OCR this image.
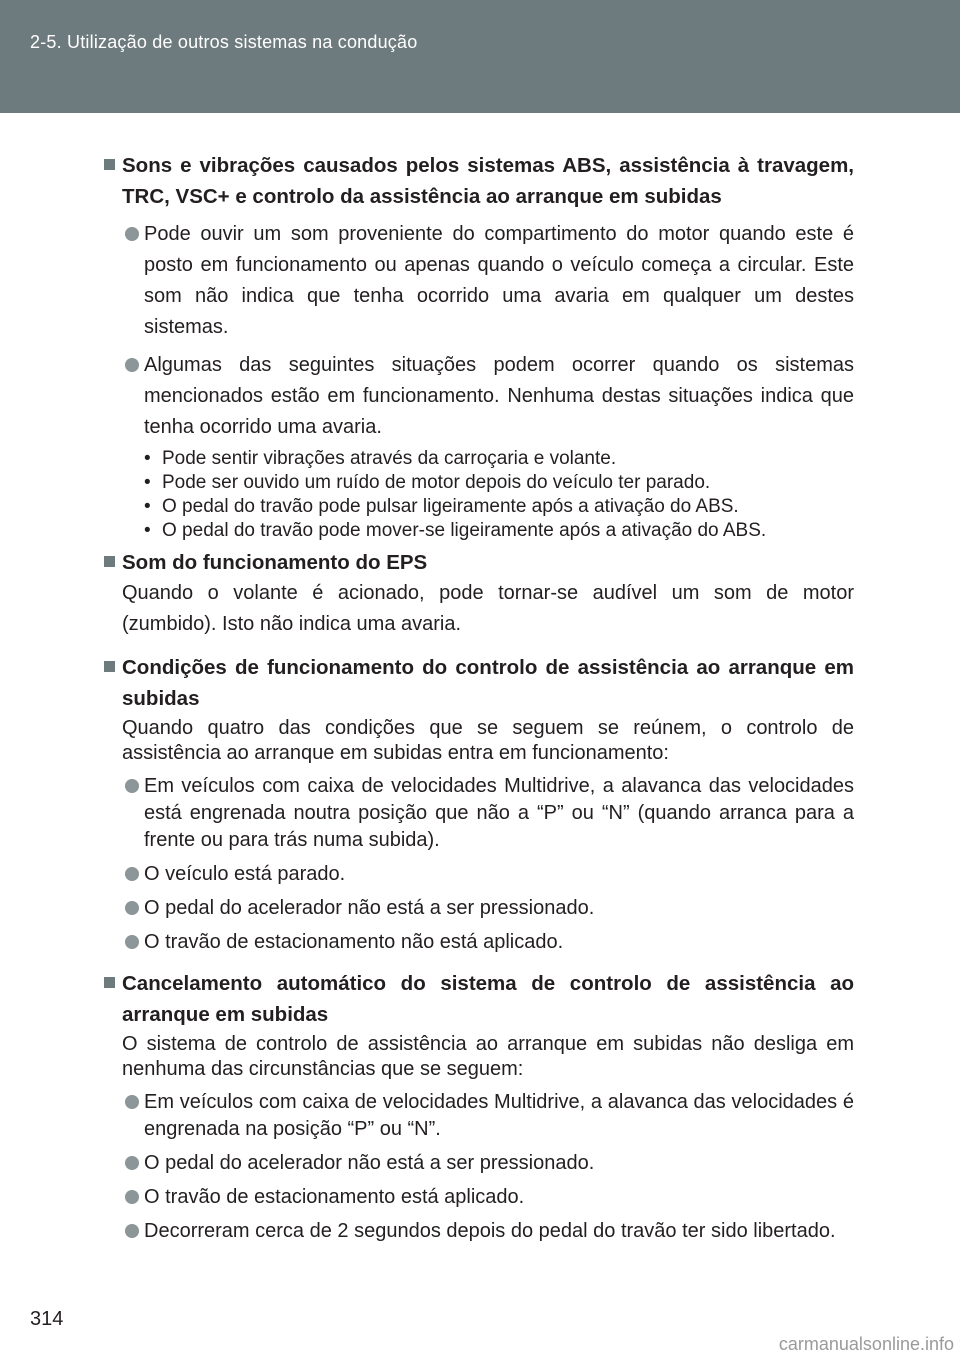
2-5. Utilização de outros sistemas na condução

Sons e vibrações causados pelos sistemas ABS, assistência à travagem, TRC, VSC+ e controlo da assistência ao arranque em subidas

Pode ouvir um som proveniente do compartimento do motor quando este é posto em funcionamento ou apenas quando o veículo começa a circular. Este som não indica que tenha ocorrido uma avaria em qualquer um destes sistemas.
Algumas das seguintes situações podem ocorrer quando os sistemas mencionados estão em funcionamento. Nenhuma destas situações indica que tenha ocorrido uma avaria.
• Pode sentir vibrações através da carroçaria e volante.
• Pode ser ouvido um ruído de motor depois do veículo ter parado.
• O pedal do travão pode pulsar ligeiramente após a ativação do ABS.
• O pedal do travão pode mover-se ligeiramente após a ativação do ABS.

Som do funcionamento do EPS

Quando o volante é acionado, pode tornar-se audível um som de motor (zumbido). Isto não indica uma avaria.

Condições de funcionamento do controlo de assistência ao arranque em subidas

Quando quatro das condições que se seguem se reúnem, o controlo de assistência ao arranque em subidas entra em funcionamento:

Em veículos com caixa de velocidades Multidrive, a alavanca das velocidades está engrenada noutra posição que não a “P” ou “N” (quando arranca para a frente ou para trás numa subida).
O veículo está parado.
O pedal do acelerador não está a ser pressionado.
O travão de estacionamento não está aplicado.

Cancelamento automático do sistema de controlo de assistência ao arranque em subidas

O sistema de controlo de assistência ao arranque em subidas não desliga em nenhuma das circunstâncias que se seguem:

Em veículos com caixa de velocidades Multidrive, a alavanca das velocidades é engrenada na posição “P” ou “N”.
O pedal do acelerador não está a ser pressionado.
O travão de estacionamento está aplicado.
Decorreram cerca de 2 segundos depois do pedal do travão ter sido libertado.
314
carmanualsonline.info
